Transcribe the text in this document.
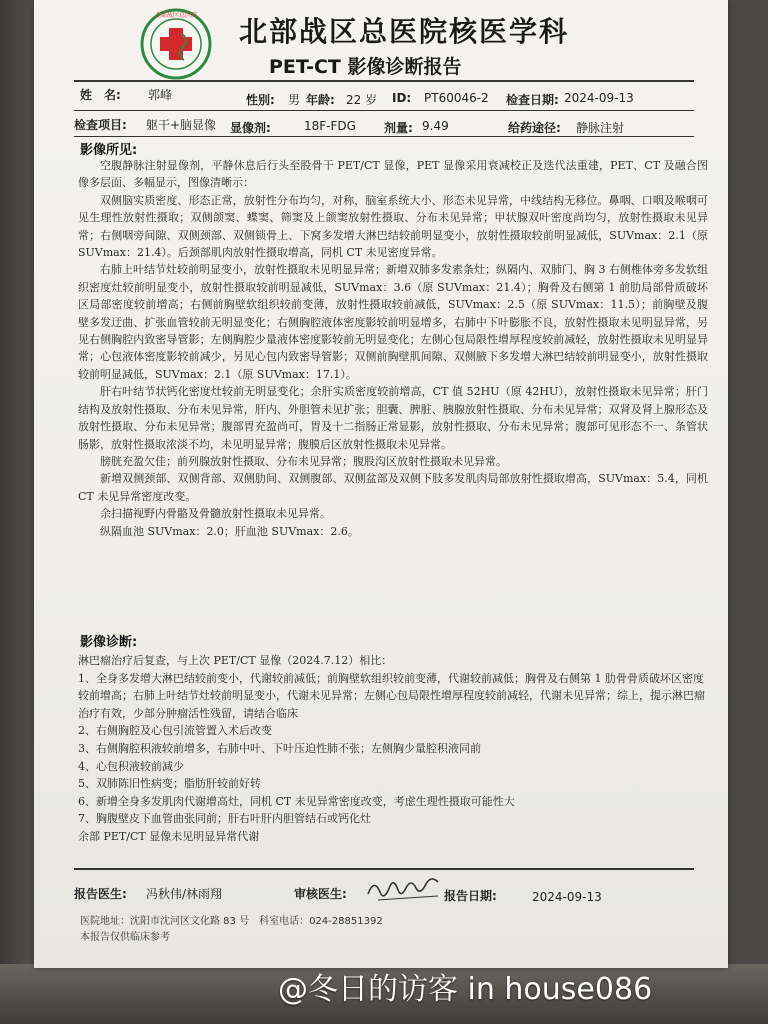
北部战区总医院 北部战区总医院核医学科
PET-CT 影像诊断报告
姓　名: 郭峰	性别: 男 年龄: 22 岁 ID: PT60046-2 检查日期: 2024-09-13
检查项目: 躯干+脑显像 显像剂:	18F-FDG 剂量: 9.49	给药途径: 静脉注射
影像所见:

空腹静脉注射显像剂，平静休息后行头至股骨干 PET/CT 显像，PET 显像采用衰减校正及迭代法重建，PET、CT 及融合图像多层面、多幅显示，图像清晰示：

双侧脑实质密度、形态正常，放射性分布均匀，对称，脑室系统大小、形态未见异常，中线结构无移位。鼻咽、口咽及喉咽可见生理性放射性摄取；双侧颌窦、蝶窦、筛窦及上颌窦放射性摄取、分布未见异常；甲状腺双叶密度尚均匀，放射性摄取未见异常；右侧咽旁间隙、双侧颈部、双侧锁骨上、下窝多发增大淋巴结较前明显变小，放射性摄取较前明显减低，SUVmax：2.1（原 SUVmax：21.4）。后颈部肌肉放射性摄取增高，同机 CT 未见密度异常。

右肺上叶结节灶较前明显变小，放射性摄取未见明显异常；新增双肺多发索条灶；纵隔内、双肺门、胸 3 右侧椎体旁多发软组织密度灶较前明显变小，放射性摄取较前明显减低，SUVmax：3.6（原 SUVmax：21.4）；胸骨及右侧第 1 前肋局部骨质破坏区局部密度较前增高；右侧前胸壁软组织较前变薄，放射性摄取较前减低，SUVmax：2.5（原 SUVmax：11.5）；前胸壁及腹壁多发迂曲、扩张血管较前无明显变化；右侧胸腔液体密度影较前明显增多，右肺中下叶膨胀不良，放射性摄取未见明显异常，另见右侧胸腔内致密导管影；左侧胸腔少量液体密度影较前无明显变化；左侧心包局限性增厚程度较前减轻，放射性摄取未见明显异常；心包液体密度影较前减少，另见心包内致密导管影；双侧前胸壁肌间隙、双侧腋下多发增大淋巴结较前明显变小，放射性摄取较前明显减低，SUVmax：2.1（原 SUVmax：17.1）。

肝右叶结节状钙化密度灶较前无明显变化；余肝实质密度较前增高，CT 值 52HU（原 42HU），放射性摄取未见异常；肝门结构及放射性摄取、分布未见异常，肝内、外胆管未见扩张；胆囊、脾脏、胰腺放射性摄取、分布未见异常；双肾及肾上腺形态及放射性摄取、分布未见异常；腹部胃充盈尚可，胃及十二指肠正常显影，放射性摄取、分布未见异常；腹部可见形态不一、条管状肠影，放射性摄取浓淡不均，未见明显异常；腹膜后区放射性摄取未见异常。

膀胱充盈欠佳；前列腺放射性摄取、分布未见异常；腹股沟区放射性摄取未见异常。

新增双侧颈部、双侧背部、双侧肋间、双侧腹部、双侧盆部及双侧下肢多发肌肉局部放射性摄取增高，SUVmax：5.4，同机 CT 未见异常密度改变。

余扫描视野内骨骼及骨髓放射性摄取未见异常。

纵隔血池 SUVmax：2.0；肝血池 SUVmax：2.6。

影像诊断:

淋巴瘤治疗后复查，与上次 PET/CT 显像（2024.7.12）相比：

1、全身多发增大淋巴结较前变小，代谢较前减低；前胸壁软组织较前变薄，代谢较前减低；胸骨及右侧第 1 肋骨骨质破坏区密度较前增高；右肺上叶结节灶较前明显变小，代谢未见异常；左侧心包局限性增厚程度较前减轻，代谢未见异常；综上，提示淋巴瘤治疗有效，少部分肿瘤活性残留，请结合临床

2、右侧胸腔及心包引流管置入术后改变

3、右侧胸腔积液较前增多，右肺中叶、下叶压迫性肺不张；左侧胸少量腔积液同前

4、心包积液较前减少

5、双肺陈旧性病变；脂肪肝较前好转

6、新增全身多发肌肉代谢增高灶，同机 CT 未见异常密度改变，考虑生理性摄取可能性大

7、胸腹壁皮下血管曲张同前；肝右叶肝内胆管结石或钙化灶

余部 PET/CT 显像未见明显异常代谢

报告医生: 冯秋伟/林雨翔	审核医生:	报告日期:	2024-09-13
医院地址：沈阳市沈河区文化路 83 号　科室电话：024-28851392
本报告仅供临床参考
@冬日的访客 in house086
